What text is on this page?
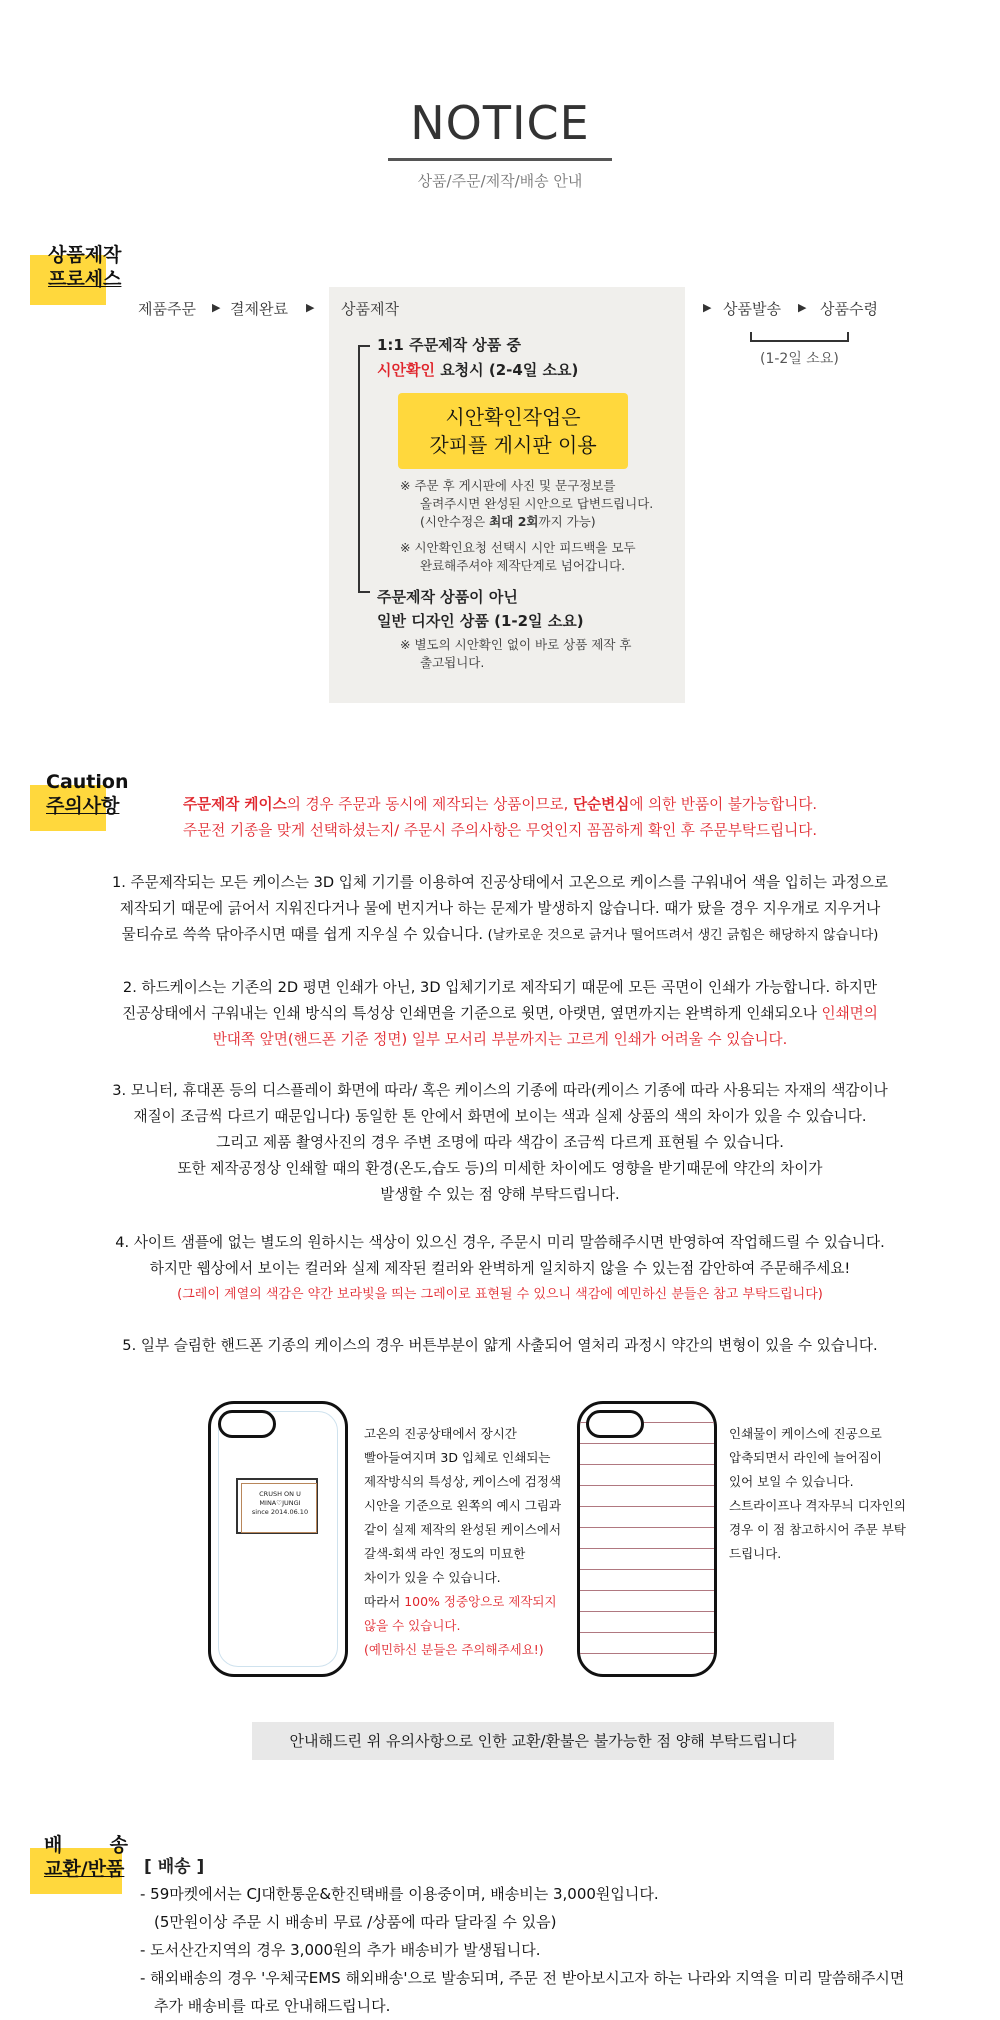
NOTICE
상품/주문/제작/배송 안내
상품제작
프로세스
제품주문 ▶ 결제완료 ▶ 상품제작	▶ 상품발송 ▶ 상품수령
(1-2일 소요)
1:1 주문제작 상품 중
시안확인 요청시 (2-4일 소요)
시안확인작업은
갓피플 게시판 이용
※ 주문 후 게시판에 사진 및 문구정보를
올려주시면 완성된 시안으로 답변드립니다.
(시안수정은 최대 2회까지 가능)
※ 시안확인요청 선택시 시안 피드백을 모두
완료해주셔야 제작단계로 넘어갑니다.
주문제작 상품이 아닌
일반 디자인 상품 (1-2일 소요)
※ 별도의 시안확인 없이 바로 상품 제작 후
출고됩니다.
Caution
주의사항	주문제작 케이스의 경우 주문과 동시에 제작되는 상품이므로, 단순변심에 의한 반품이 불가능합니다.
주문전 기종을 맞게 선택하셨는지/ 주문시 주의사항은 무엇인지 꼼꼼하게 확인 후 주문부탁드립니다.
1. 주문제작되는 모든 케이스는 3D 입체 기기를 이용하여 진공상태에서 고온으로 케이스를 구워내어 색을 입히는 과정으로
제작되기 때문에 긁어서 지워진다거나 물에 번지거나 하는 문제가 발생하지 않습니다. 때가 탔을 경우 지우개로 지우거나
물티슈로 쓱쓱 닦아주시면 때를 쉽게 지우실 수 있습니다. (날카로운 것으로 긁거나 떨어뜨려서 생긴 긁힘은 해당하지 않습니다)
2. 하드케이스는 기존의 2D 평면 인쇄가 아닌, 3D 입체기기로 제작되기 때문에 모든 곡면이 인쇄가 가능합니다. 하지만
진공상태에서 구워내는 인쇄 방식의 특성상 인쇄면을 기준으로 윗면, 아랫면, 옆면까지는 완벽하게 인쇄되오나 인쇄면의
반대쪽 앞면(핸드폰 기준 정면) 일부 모서리 부분까지는 고르게 인쇄가 어려울 수 있습니다.
3. 모니터, 휴대폰 등의 디스플레이 화면에 따라/ 혹은 케이스의 기종에 따라(케이스 기종에 따라 사용되는 자재의 색감이나
재질이 조금씩 다르기 때문입니다) 동일한 톤 안에서 화면에 보이는 색과 실제 상품의 색의 차이가 있을 수 있습니다.
그리고 제품 촬영사진의 경우 주변 조명에 따라 색감이 조금씩 다르게 표현될 수 있습니다.
또한 제작공정상 인쇄할 때의 환경(온도,습도 등)의 미세한 차이에도 영향을 받기때문에 약간의 차이가
발생할 수 있는 점 양해 부탁드립니다.
4. 사이트 샘플에 없는 별도의 원하시는 색상이 있으신 경우, 주문시 미리 말씀해주시면 반영하여 작업해드릴 수 있습니다.
하지만 웹상에서 보이는 컬러와 실제 제작된 컬러와 완벽하게 일치하지 않을 수 있는점 감안하여 주문해주세요!
(그레이 계열의 색감은 약간 보라빛을 띄는 그레이로 표현될 수 있으니 색감에 예민하신 분들은 참고 부탁드립니다)
5. 일부 슬림한 핸드폰 기종의 케이스의 경우 버튼부분이 얇게 사출되어 열처리 과정시 약간의 변형이 있을 수 있습니다.
CRUSH ON U
MINA♡JUNGI
since 2014.06.10
고온의 진공상태에서 장시간
빨아들여지며 3D 입체로 인쇄되는
제작방식의 특성상, 케이스에 검정색
시안을 기준으로 왼쪽의 예시 그림과
같이 실제 제작의 완성된 케이스에서
갈색-회색 라인 정도의 미묘한
차이가 있을 수 있습니다.
따라서 100% 정중앙으로 제작되지
않을 수 있습니다.
(예민하신 분들은 주의해주세요!)
인쇄물이 케이스에 진공으로
압축되면서 라인에 늘어짐이
있어 보일 수 있습니다.
스트라이프나 격자무늬 디자인의
경우 이 점 참고하시어 주문 부탁
드립니다.
안내해드린 위 유의사항으로 인한 교환/환불은 불가능한 점 양해 부탁드립니다
배 송
교환/반품 [ 배송 ]
- 59마켓에서는 CJ대한통운&한진택배를 이용중이며, 배송비는 3,000원입니다.
(5만원이상 주문 시 배송비 무료 /상품에 따라 달라질 수 있음)
- 도서산간지역의 경우 3,000원의 추가 배송비가 발생됩니다.
- 해외배송의 경우 '우체국EMS 해외배송'으로 발송되며, 주문 전 받아보시고자 하는 나라와 지역을 미리 말씀해주시면
추가 배송비를 따로 안내해드립니다.
